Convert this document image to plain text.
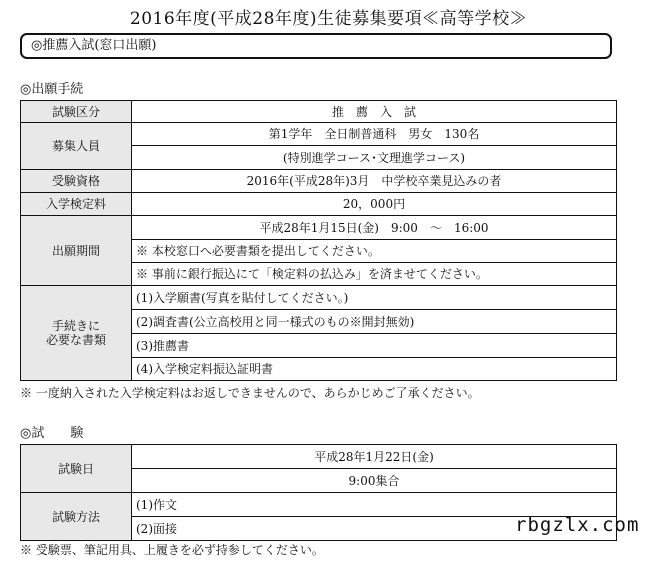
2016年度(平成28年度)生徒募集要項≪高等学校≫
◎推薦入試(窓口出願)
◎出願手続
試験区分	推　薦　入　試
募集人員	第1学年　全日制普通科　男女　130名
	(特別進学コース･文理進学コース)
受験資格	2016年(平成28年)3月　中学校卒業見込みの者
入学検定料	20，000円
出願期間	平成28年1月15日(金)　9:00　～　16:00
	※ 本校窓口へ必要書類を提出してください。
	※ 事前に銀行振込にて「検定料の払込み」を済ませてください。
手続きに
必要な書類	(1)入学願書(写真を貼付してください。)
	(2)調査書(公立高校用と同一様式のもの※開封無効)
	(3)推薦書
	(4)入学検定料振込証明書
※ 一度納入された入学検定料はお返しできませんので、あらかじめご了承ください。
◎試　　験
試験日	平成28年1月22日(金)
	9:00集合
試験方法	(1)作文
	(2)面接
※ 受験票、筆記用具、上履きを必ず持参してください。
rbgzlx.com
